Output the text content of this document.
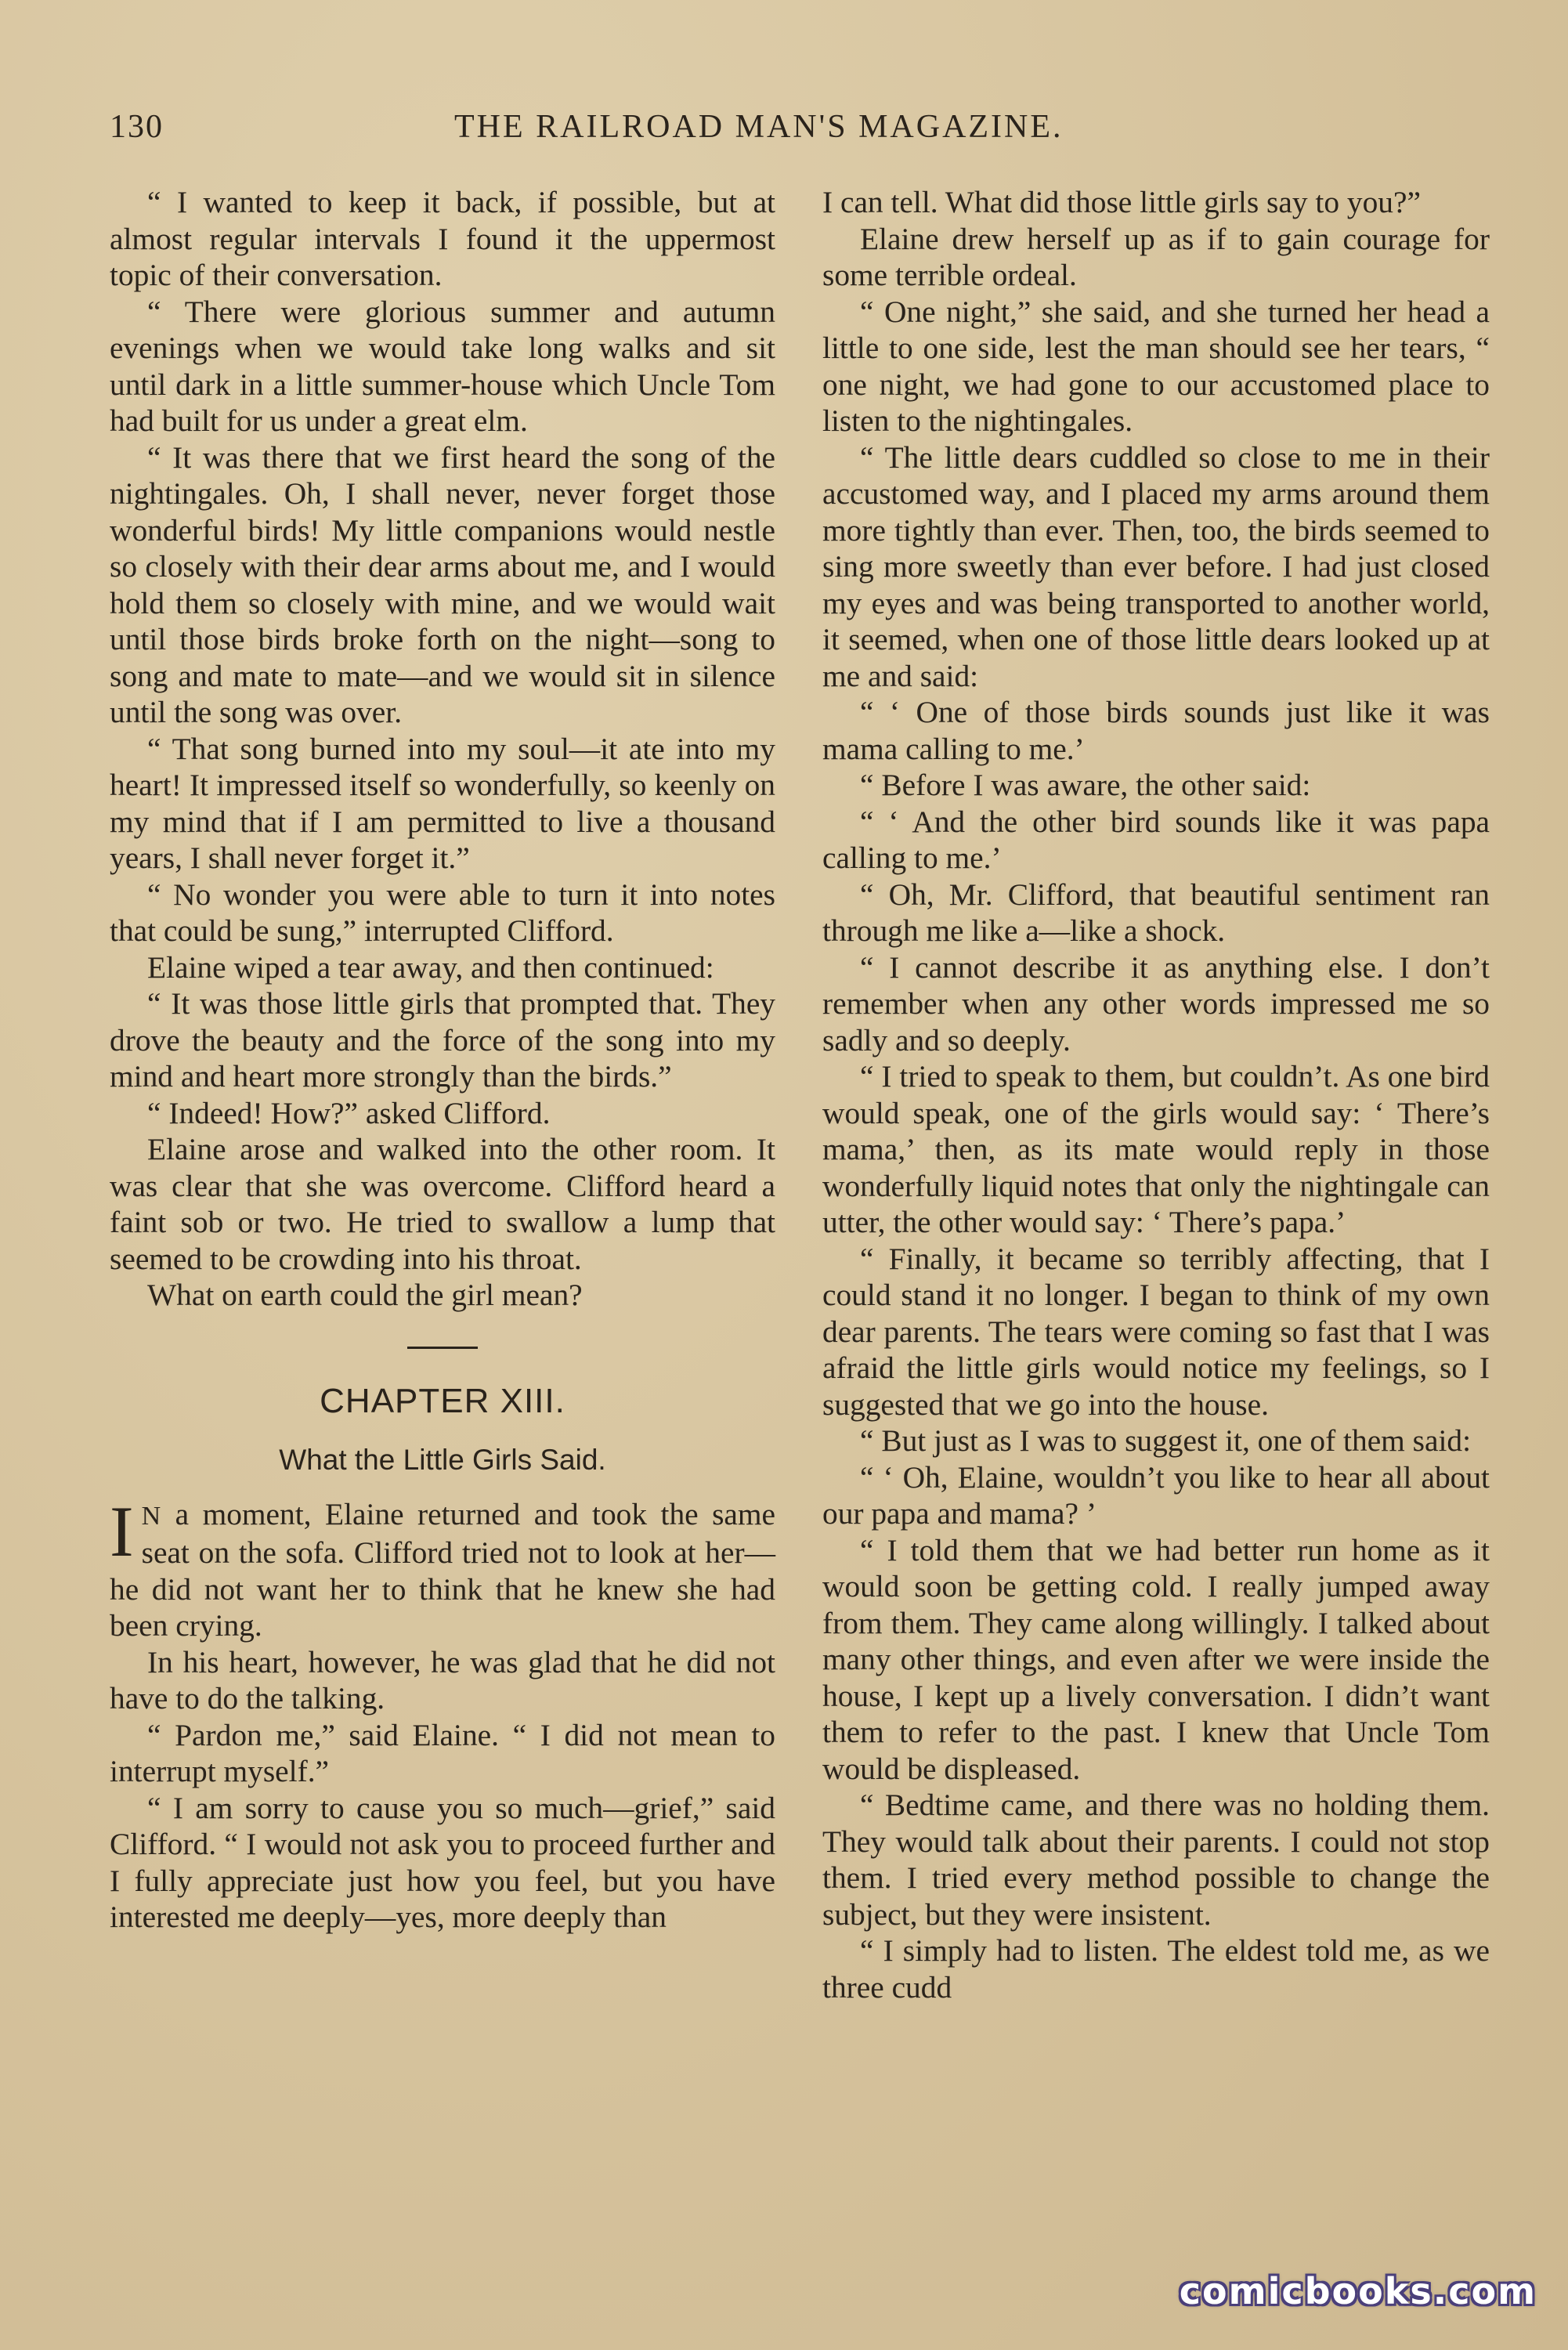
130	THE RAILROAD MAN'S MAGAZINE.

“ I wanted to keep it back, if possible, but at almost regular intervals I found it the uppermost topic of their conversation.

“ There were glorious summer and autumn evenings when we would take long walks and sit until dark in a little summer-house which Uncle Tom had built for us under a great elm.

“ It was there that we first heard the song of the nightingales. Oh, I shall never, never forget those wonderful birds! My little companions would nestle so closely with their dear arms about me, and I would hold them so closely with mine, and we would wait until those birds broke forth on the night—song to song and mate to mate—and we would sit in silence until the song was over.

“ That song burned into my soul—it ate into my heart! It impressed itself so wonderfully, so keenly on my mind that if I am permitted to live a thousand years, I shall never forget it.”

“ No wonder you were able to turn it into notes that could be sung,” interrupted Clifford.

Elaine wiped a tear away, and then continued:

“ It was those little girls that prompted that. They drove the beauty and the force of the song into my mind and heart more strongly than the birds.”

“ Indeed! How?” asked Clifford.

Elaine arose and walked into the other room. It was clear that she was overcome. Clifford heard a faint sob or two. He tried to swallow a lump that seemed to be crowding into his throat.

What on earth could the girl mean?

CHAPTER XIII.
What the Little Girls Said.

I N a moment, Elaine returned and took the same seat on the sofa. Clifford tried not to look at her—he did not want her to think that he knew she had been crying.

In his heart, however, he was glad that he did not have to do the talking.

“ Pardon me,” said Elaine. “ I did not mean to interrupt myself.”

“ I am sorry to cause you so much—grief,” said Clifford. “ I would not ask you to proceed further and I fully appreciate just how you feel, but you have interested me deeply—yes, more deeply than

I can tell. What did those little girls say to you?”

Elaine drew herself up as if to gain courage for some terrible ordeal.

“ One night,” she said, and she turned her head a little to one side, lest the man should see her tears, “ one night, we had gone to our accustomed place to listen to the nightingales.

“ The little dears cuddled so close to me in their accustomed way, and I placed my arms around them more tightly than ever. Then, too, the birds seemed to sing more sweetly than ever before. I had just closed my eyes and was being transported to another world, it seemed, when one of those little dears looked up at me and said:

“ ‘ One of those birds sounds just like it was mama calling to me.’

“ Before I was aware, the other said:

“ ‘ And the other bird sounds like it was papa calling to me.’

“ Oh, Mr. Clifford, that beautiful sentiment ran through me like a—like a shock.

“ I cannot describe it as anything else. I don’t remember when any other words impressed me so sadly and so deeply.

“ I tried to speak to them, but couldn’t. As one bird would speak, one of the girls would say: ‘ There’s mama,’ then, as its mate would reply in those wonderfully liquid notes that only the nightingale can utter, the other would say: ‘ There’s papa.’

“ Finally, it became so terribly affecting, that I could stand it no longer. I began to think of my own dear parents. The tears were coming so fast that I was afraid the little girls would notice my feelings, so I suggested that we go into the house.

“ But just as I was to suggest it, one of them said:

“ ‘ Oh, Elaine, wouldn’t you like to hear all about our papa and mama? ’

“ I told them that we had better run home as it would soon be getting cold. I really jumped away from them. They came along willingly. I talked about many other things, and even after we were inside the house, I kept up a lively conversation. I didn’t want them to refer to the past. I knew that Uncle Tom would be displeased.

“ Bedtime came, and there was no holding them. They would talk about their parents. I could not stop them. I tried every method possible to change the subject, but they were insistent.

“ I simply had to listen. The eldest told me, as we three cudd

comicbooks.com
